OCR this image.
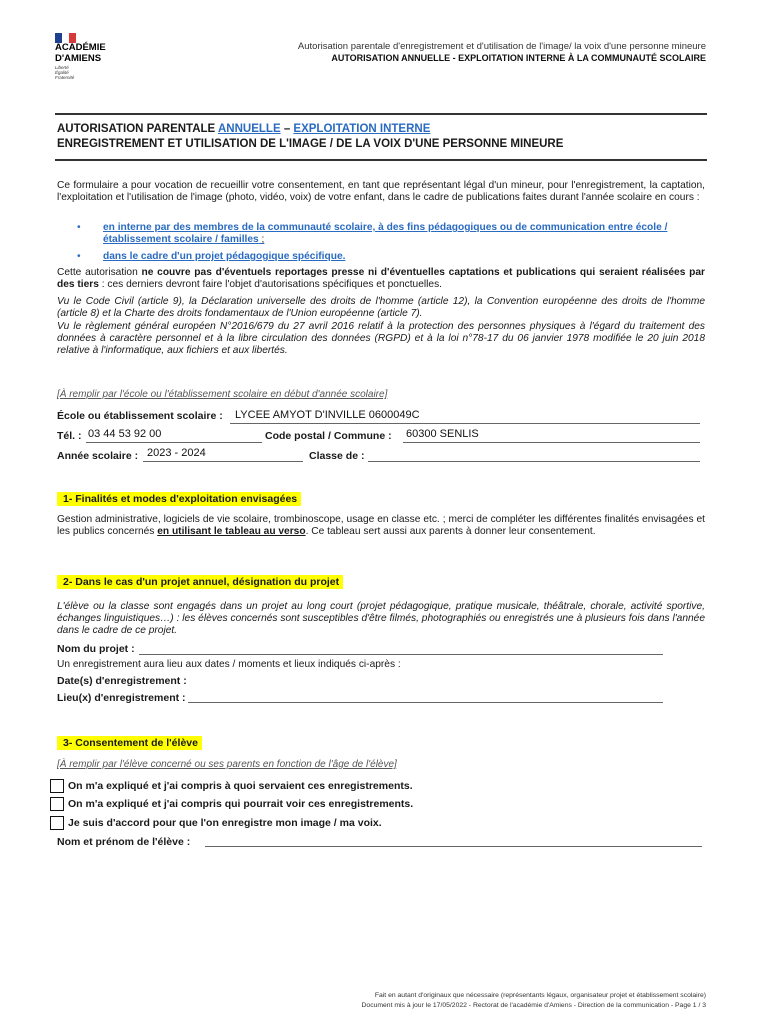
ACADÉMIE
D'AMIENS
Liberté
Égalité
Fraternité
Autorisation parentale d'enregistrement et d'utilisation de l'image/ la voix d'une personne mineure
AUTORISATION ANNUELLE - EXPLOITATION INTERNE À LA COMMUNAUTÉ SCOLAIRE
AUTORISATION PARENTALE ANNUELLE – EXPLOITATION INTERNE
ENREGISTREMENT ET UTILISATION DE L'IMAGE / DE LA VOIX D'UNE PERSONNE MINEURE
Ce formulaire a pour vocation de recueillir votre consentement, en tant que représentant légal d'un mineur, pour l'enregistrement, la captation, l'exploitation et l'utilisation de l'image (photo, vidéo, voix) de votre enfant, dans le cadre de publications faites durant l'année scolaire en cours :
• en interne par des membres de la communauté scolaire, à des fins pédagogiques ou de communication entre école / établissement scolaire / familles ;
• dans le cadre d'un projet pédagogique spécifique.
Cette autorisation ne couvre pas d'éventuels reportages presse ni d'éventuelles captations et publications qui seraient réalisées par des tiers : ces derniers devront faire l'objet d'autorisations spécifiques et ponctuelles.
Vu le Code Civil (article 9), la Déclaration universelle des droits de l'homme (article 12), la Convention européenne des droits de l'homme (article 8) et la Charte des droits fondamentaux de l'Union européenne (article 7).
Vu le règlement général européen N°2016/679 du 27 avril 2016 relatif à la protection des personnes physiques à l'égard du traitement des données à caractère personnel et à la libre circulation des données (RGPD) et à la loi n°78-17 du 06 janvier 1978 modifiée le 20 juin 2018 relative à l'informatique, aux fichiers et aux libertés.
[À remplir par l'école ou l'établissement scolaire en début d'année scolaire]
École ou établissement scolaire : LYCEE AMYOT D'INVILLE 0600049C
Tél. : 03 44 53 92 00	Code postal / Commune : 60300 SENLIS
Année scolaire : 2023 - 2024	Classe de :
1- Finalités et modes d'exploitation envisagées
Gestion administrative, logiciels de vie scolaire, trombinoscope, usage en classe etc. ; merci de compléter les différentes finalités envisagées et les publics concernés en utilisant le tableau au verso. Ce tableau sert aussi aux parents à donner leur consentement.
2- Dans le cas d'un projet annuel, désignation du projet
L'élève ou la classe sont engagés dans un projet au long court (projet pédagogique, pratique musicale, théâtrale, chorale, activité sportive, échanges linguistiques…) : les élèves concernés sont susceptibles d'être filmés, photographiés ou enregistrés une à plusieurs fois dans l'année dans le cadre de ce projet.
Nom du projet :
Un enregistrement aura lieu aux dates / moments et lieux indiqués ci-après :
Date(s) d'enregistrement :
Lieu(x) d'enregistrement :
3- Consentement de l'élève
[À remplir par l'élève concerné ou ses parents en fonction de l'âge de l'élève]
On m'a expliqué et j'ai compris à quoi servaient ces enregistrements.
On m'a expliqué et j'ai compris qui pourrait voir ces enregistrements.
Je suis d'accord pour que l'on enregistre mon image / ma voix.
Nom et prénom de l'élève :
Fait en autant d'originaux que nécessaire (représentants légaux, organisateur projet et établissement scolaire)
Document mis à jour le 17/05/2022 - Rectorat de l'académie d'Amiens - Direction de la communication - Page 1 / 3
